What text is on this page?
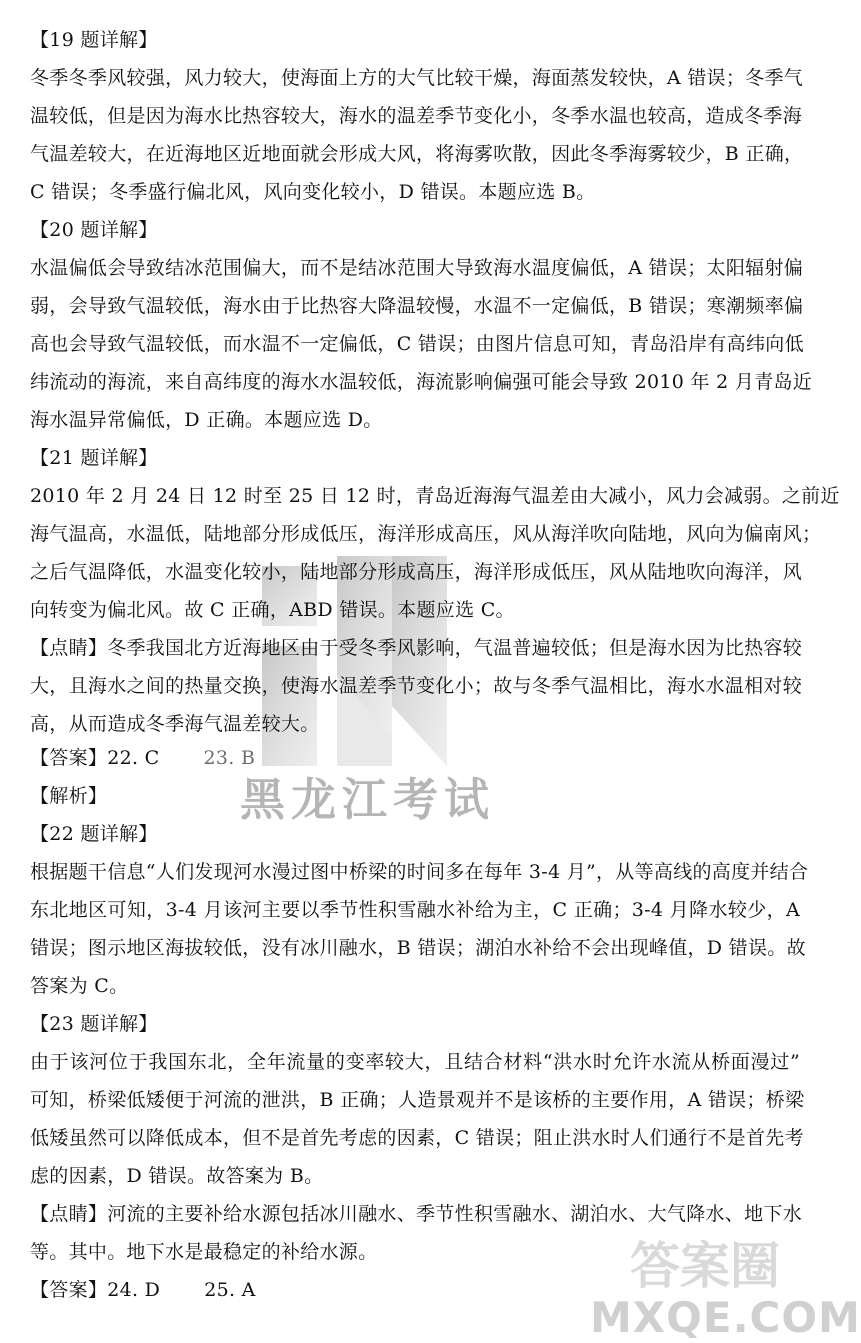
黑龙江考试
【19 题详解】
冬季冬季风较强，风力较大，使海面上方的大气比较干燥，海面蒸发较快，A 错误；冬季气
温较低，但是因为海水比热容较大，海水的温差季节变化小，冬季水温也较高，造成冬季海
气温差较大，在近海地区近地面就会形成大风，将海雾吹散，因此冬季海雾较少，B 正确，
C 错误；冬季盛行偏北风，风向变化较小，D 错误。本题应选 B。
【20 题详解】
水温偏低会导致结冰范围偏大，而不是结冰范围大导致海水温度偏低，A 错误；太阳辐射偏
弱，会导致气温较低，海水由于比热容大降温较慢，水温不一定偏低，B 错误；寒潮频率偏
高也会导致气温较低，而水温不一定偏低，C 错误；由图片信息可知，青岛沿岸有高纬向低
纬流动的海流，来自高纬度的海水水温较低，海流影响偏强可能会导致 2010 年 2 月青岛近
海水温异常偏低，D 正确。本题应选 D。
【21 题详解】
2010 年 2 月 24 日 12 时至 25 日 12 时，青岛近海海气温差由大减小，风力会减弱。之前近
海气温高，水温低，陆地部分形成低压，海洋形成高压，风从海洋吹向陆地，风向为偏南风；
之后气温降低，水温变化较小，陆地部分形成高压，海洋形成低压，风从陆地吹向海洋，风
向转变为偏北风。故 C 正确，ABD 错误。本题应选 C。
【点睛】冬季我国北方近海地区由于受冬季风影响，气温普遍较低；但是海水因为比热容较
大，且海水之间的热量交换，使海水温差季节变化小；故与冬季气温相比，海水水温相对较
高，从而造成冬季海气温差较大。
【答案】22. C 23. B
【解析】
【22 题详解】
根据题干信息“人们发现河水漫过图中桥梁的时间多在每年 3-4 月”，从等高线的高度并结合
东北地区可知，3-4 月该河主要以季节性积雪融水补给为主，C 正确；3-4 月降水较少，A
错误；图示地区海拔较低，没有冰川融水，B 错误；湖泊水补给不会出现峰值，D 错误。故
答案为 C。
【23 题详解】
由于该河位于我国东北，全年流量的变率较大，且结合材料“洪水时允许水流从桥面漫过”
可知，桥梁低矮便于河流的泄洪，B 正确；人造景观并不是该桥的主要作用，A 错误；桥梁
低矮虽然可以降低成本，但不是首先考虑的因素，C 错误；阻止洪水时人们通行不是首先考
虑的因素，D 错误。故答案为 B。
【点睛】河流的主要补给水源包括冰川融水、季节性积雪融水、湖泊水、大气降水、地下水
等。其中。地下水是最稳定的补给水源。
【答案】24. D 25. A	答案圈
MXQE.COM
